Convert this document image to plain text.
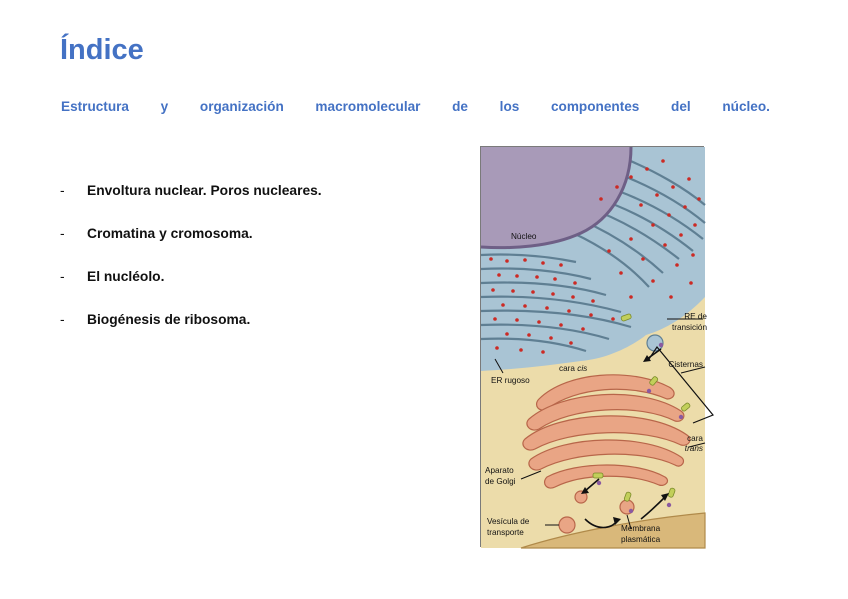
Índice
Estructura y organización macromolecular de los componentes del núcleo.
-	Envoltura nuclear. Poros nucleares.
-	Cromatina y cromosoma.
-	El nucléolo.
-	Biogénesis de ribosoma.
Núcleo
RE de
transición
Cisternas
cara cis
ER rugoso
cara
trans
Aparato
de Golgi
Vesícula de
transporte	Membrana
plasmática
